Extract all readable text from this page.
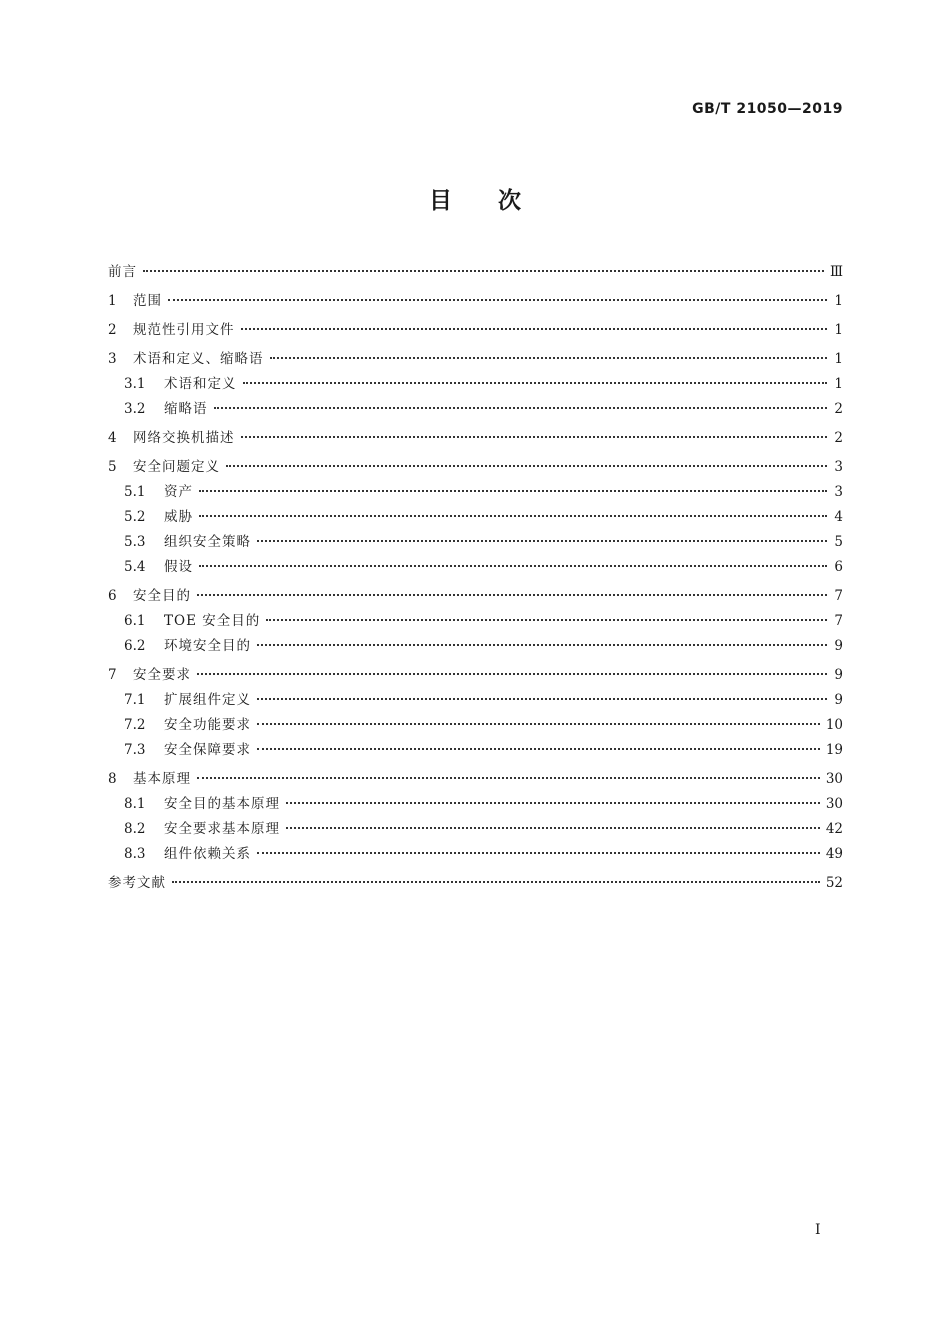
GB/T 21050—2019
目　　次
前言	Ⅲ
1	范围	1
2	规范性引用文件	1
3	术语和定义、缩略语	1
3.1	术语和定义	1
3.2	缩略语	2
4	网络交换机描述	2
5	安全问题定义	3
5.1	资产	3
5.2	威胁	4
5.3	组织安全策略	5
5.4	假设	6
6	安全目的	7
6.1	TOE 安全目的	7
6.2	环境安全目的	9
7	安全要求	9
7.1	扩展组件定义	9
7.2	安全功能要求	10
7.3	安全保障要求	19
8	基本原理	30
8.1	安全目的基本原理	30
8.2	安全要求基本原理	42
8.3	组件依赖关系	49
参考文献	52
I
